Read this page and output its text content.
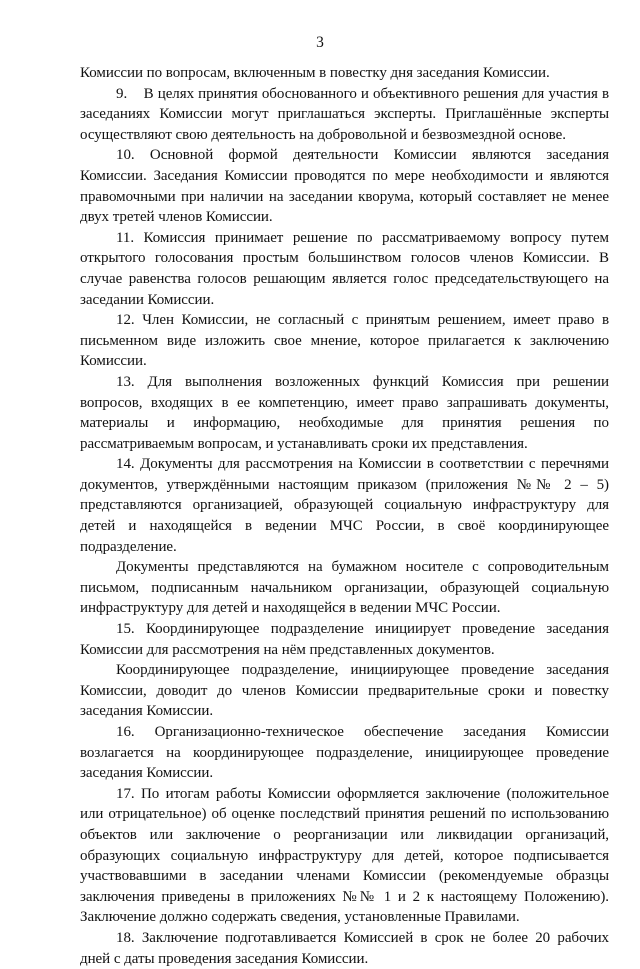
3

Комиссии по вопросам, включенным в повестку дня заседания Комиссии.

9.    В целях принятия обоснованного и объективного решения для участия в заседаниях Комиссии могут приглашаться эксперты. Приглашённые эксперты осуществляют свою деятельность на добровольной и безвозмездной основе.

10. Основной формой деятельности Комиссии являются заседания Комиссии. Заседания Комиссии проводятся по мере необходимости и являются правомочными при наличии на заседании кворума, который составляет не менее двух третей членов Комиссии.

11. Комиссия принимает решение по рассматриваемому вопросу путем открытого голосования простым большинством голосов членов Комиссии. В случае равенства голосов решающим является голос председательствующего на заседании Комиссии.

12. Член Комиссии, не согласный с принятым решением, имеет право в письменном виде изложить свое мнение, которое прилагается к заключению Комиссии.

13. Для выполнения возложенных функций Комиссия при решении вопросов, входящих в ее компетенцию, имеет право запрашивать документы, материалы и информацию, необходимые для принятия решения по рассматриваемым вопросам, и устанавливать сроки их представления.

14. Документы для рассмотрения на Комиссии в соответствии с перечнями документов, утверждёнными настоящим приказом (приложения №№ 2 – 5) представляются организацией, образующей социальную инфраструктуру для детей и находящейся в ведении МЧС России, в своё координирующее подразделение.

Документы представляются на бумажном носителе с сопроводительным письмом, подписанным начальником организации, образующей социальную инфраструктуру для детей и находящейся в ведении МЧС России.

15. Координирующее подразделение инициирует проведение заседания Комиссии для рассмотрения на нём представленных документов.

Координирующее подразделение, инициирующее проведение заседания Комиссии, доводит до членов Комиссии предварительные сроки и повестку заседания Комиссии.

16. Организационно-техническое обеспечение заседания Комиссии возлагается на координирующее подразделение, инициирующее проведение заседания Комиссии.

17. По итогам работы Комиссии оформляется заключение (положительное или отрицательное) об оценке последствий принятия решений по использованию объектов или заключение о реорганизации или ликвидации организаций, образующих социальную инфраструктуру для детей, которое подписывается участвовавшими в заседании членами Комиссии (рекомендуемые образцы заключения приведены в приложениях №№ 1 и 2 к настоящему Положению). Заключение должно содержать сведения, установленные Правилами.

18. Заключение подготавливается Комиссией в срок не более 20 рабочих дней с даты проведения заседания Комиссии.
